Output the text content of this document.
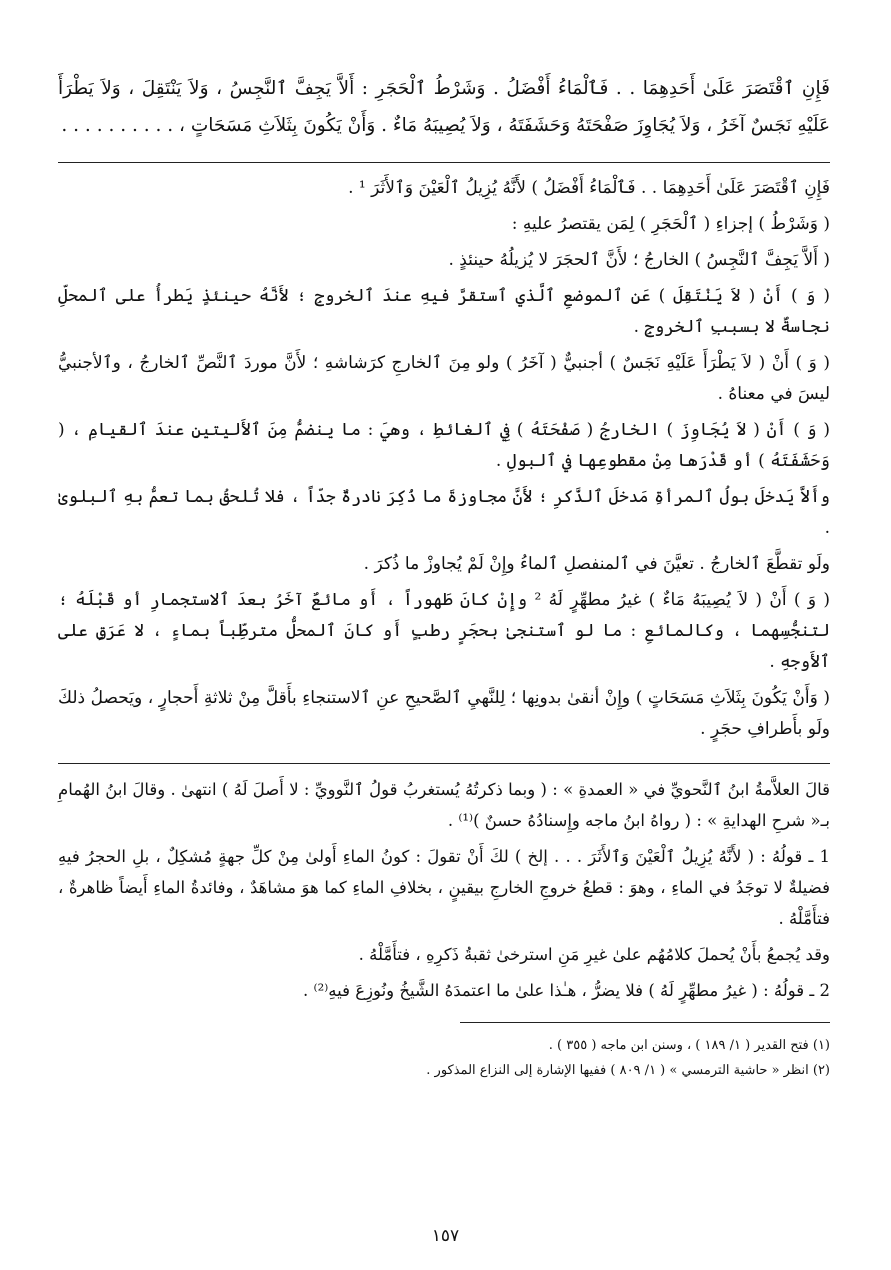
فَإِنِ ٱقْتَصَرَ عَلَىٰ أَحَدِهِمَا . . فَٱلْمَاءُ أَفْضَلُ . وَشَرْطُ ٱلْحَجَرِ : أَلاَّ يَجِفَّ ٱلنَّجِسُ ، وَلاَ يَنْتَقِلَ ، وَلاَ يَطْرَأَ عَلَيْهِ نَجَسٌ آخَرُ ، وَلاَ يُجَاوِزَ صَفْحَتَهُ وَحَشَفَتَهُ ، وَلاَ يُصِيبَهُ مَاءٌ . وَأَنْ يَكُونَ بِثَلاَثِ مَسَحَاتٍ ، . . . . . . . . . .

فَإِنِ ٱقْتَصَرَ عَلَىٰ أَحَدِهِمَا . . فَٱلْمَاءُ أَفْضَلُ ) لأَنَّهُ يُزِيلُ ٱلْعَيْنَ وَٱلأَثَرَ ¹ .

( وَشَرْطُ ) إجزاءِ ( ٱلْحَجَرِ ) لِمَن يقتصرُ عليهِ :

( أَلاَّ يَجِفَّ ٱلنَّجِسُ ) الخارجُ ؛ لأَنَّ ٱلحجَرَ لا يُزيلُهُ حينئذٍ .

( وَ ) أَنْ ( لاَ يَنْتَقِلَ ) عَنِ ٱلموضعِ ٱلَّذي ٱستقرَّ فيهِ عندَ ٱلخروجِ ؛ لأَنَّهُ حينئذٍ يَطرأُ على ٱلمحلِّ نجاسةٌ لا بسببِ ٱلخروجِ .

( وَ ) أَنْ ( لاَ يَطْرَأَ عَلَيْهِ نَجَسٌ ) أجنبيٌّ ( آخَرُ ) ولو مِنَ ٱلخارجِ كرَشاشهِ ؛ لأَنَّ موردَ ٱلنَّصِّ ٱلخارجُ ، وٱلأجنبيُّ ليسَ في معناهُ .

( وَ ) أَنْ ( لاَ يُجَاوِزَ ) الخارجُ ( صَفْحَتَهُ ) فِي ٱلغائطِ ، وهيَ : ما ينضمُّ مِنَ ٱلأَليتينِ عندَ ٱلقيامِ ، ( وَحَشَفَتَهُ ) أو قَدْرَها مِنْ مقطوعِها في ٱلبولِ .

وأَلاَّ يَدخلَ بولُ ٱلمرأةِ مَدخلَ ٱلذَّكرِ ؛ لأَنَّ مجاوزةَ ما ذُكِرَ نادرةٌ جدّاً ، فلا تُلحقُ بما تعمُّ بهِ ٱلبلوىٰ .

ولَو تقطَّعَ ٱلخارجُ . تعيَّنَ في ٱلمنفصلِ ٱلماءُ وإِنْ لَمْ يُجاوزْ ما ذُكرَ .

( وَ ) أَنْ ( لاَ يُصِيبَهُ مَاءٌ ) غيرُ مطهِّرٍ لَهُ ² وإِنْ كانَ طَهوراً ، أَو مائعٌ آخَرُ بعدَ ٱلاستجمارِ أو قَبْلَهُ ؛ لتنجُّسِهما ، وكالمائعِ : ما لو ٱستنجىٰ بحجَرٍ رطبٍ أَو كانَ ٱلمحلُّ مترطِّباً بماءٍ ، لا عَرَقٍ على ٱلأَوجهِ .

( وَأَنْ يَكُونَ بِثَلاَثِ مَسَحَاتٍ ) وإِنْ أنقىٰ بدونِها ؛ لِلنَّهيِ ٱلصَّحيحِ عنِ ٱلاستنجاءِ بأَقلَّ مِنْ ثلاثةِ أَحجارٍ ، ويَحصلُ ذلكَ ولَو بأَطرافِ حجَرٍ .

قالَ العلاَّمةُ ابنُ ٱلنَّحويِّ في « العمدةِ » : ( وبما ذكرتُهُ يُستغربُ قولُ ٱلنَّوويِّ : لا أَصلَ لَهُ ) انتهىٰ . وقالَ ابنُ الهُمامِ بـ« شرحِ الهدايةِ » : ( رواهُ ابنُ ماجه وإِسنادُهُ حسنٌ )⁽¹⁾ .

1 ـ قولُهُ : ( لأَنَّهُ يُزِيلُ ٱلْعَيْنَ وَٱلأَثَرَ . . . إلخ ) لكَ أَنْ تقولَ : كونُ الماءِ أَولىٰ مِنْ كلِّ جهةٍ مُشكِلٌ ، بلِ الحجرُ فيهِ فضيلةٌ لا توجَدُ في الماءِ ، وهوَ : قطعُ خروجِ الخارجِ بيقينٍ ، بخلافِ الماءِ كما هوَ مشاهَدٌ ، وفائدةُ الماءِ أَيضاً ظاهرةٌ ، فتأَمَّلْهُ .

وقد يُجمعُ بأَنْ يُحملَ كلامُهُم علىٰ غيرِ مَنِ استرخىٰ ثقبةُ ذَكرِهِ ، فتأَمَّلْهُ .

2 ـ قولُهُ : ( غيرُ مطهِّرٍ لَهُ ) فلا يضرُّ ، هـٰذا علىٰ ما اعتمدَهُ الشَّيخُ ونُوزِعَ فيهِ⁽²⁾ .

(١) فتح القدير ( ١/ ١٨٩ ) ، وسنن ابن ماجه ( ٣٥٥ ) .

(٢) انظر « حاشية الترمسي » ( ١/ ٨٠٩ ) ففيها الإشارة إلى النزاع المذكور .

١٥٧
